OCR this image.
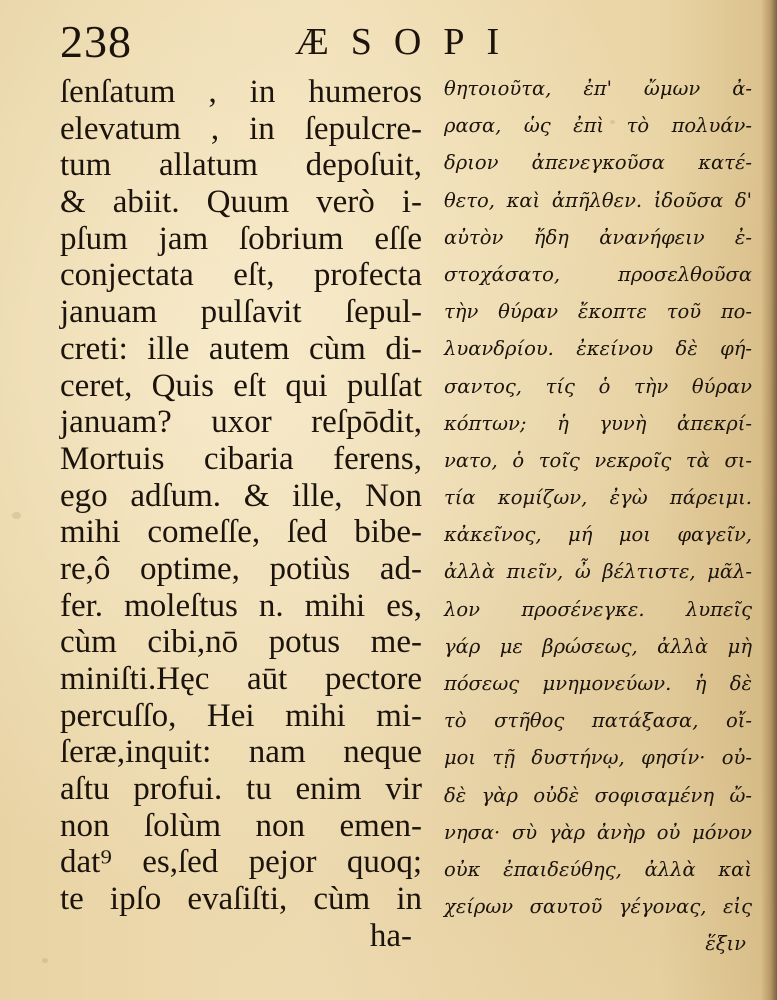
238	ÆSOPI
ſenſatum , in humeros
elevatum , in ſepulcre-
tum allatum depoſuit,
& abiit. Quum verò i-
pſum jam ſobrium eſſe
conjectata eſt, profecta
januam pulſavit ſepul-
creti: ille autem cùm di-
ceret, Quis eſt qui pulſat
januam? uxor reſpōdit,
Mortuis cibaria ferens,
ego adſum. & ille, Non
mihi comeſſe, ſed bibe-
re,ô optime, potiùs ad-
fer. moleſtus n. mihi es,
cùm cibi,nō potus me-
miniſti.Hęc aūt pectore
percuſſo, Hei mihi mi-
ſeræ,inquit: nam neque
aſtu profui. tu enim vir
non ſolùm non emen-
dat⁹ es,ſed pejor quoq;
te ipſo evaſiſti, cùm in
ha-
θητοιοῦτα, ἐπ' ὤμων ἀ-
ρασα, ὡς ἐπὶ τὸ πολυάν-
δριον ἀπενεγκοῦσα κατέ-
θετο, καὶ ἀπῆλθεν. ἰδοῦσα δ'
αὐτὸν ἤδη ἀνανήφειν ἐ-
στοχάσατο, προσελθοῦσα
τὴν θύραν ἔκοπτε τοῦ πο-
λυανδρίου. ἐκείνου δὲ φή-
σαντος, τίς ὁ τὴν θύραν
κόπτων; ἡ γυνὴ ἀπεκρί-
νατο, ὁ τοῖς νεκροῖς τὰ σι-
τία κομίζων, ἐγὼ πάρειμι.
κἀκεῖνος, μή μοι φαγεῖν,
ἀλλὰ πιεῖν, ὦ βέλτιστε, μᾶλ-
λον προσένεγκε. λυπεῖς
γάρ με βρώσεως, ἀλλὰ μὴ
πόσεως μνημονεύων. ἡ δὲ
τὸ στῆθος πατάξασα, οἴ-
μοι τῇ δυστήνῳ, φησίν· οὐ-
δὲ γὰρ οὐδὲ σοφισαμένη ὤ-
νησα· σὺ γὰρ ἀνὴρ οὐ μόνον
οὐκ ἐπαιδεύθης, ἀλλὰ καὶ
χείρων σαυτοῦ γέγονας, εἰς
ἕξιν
